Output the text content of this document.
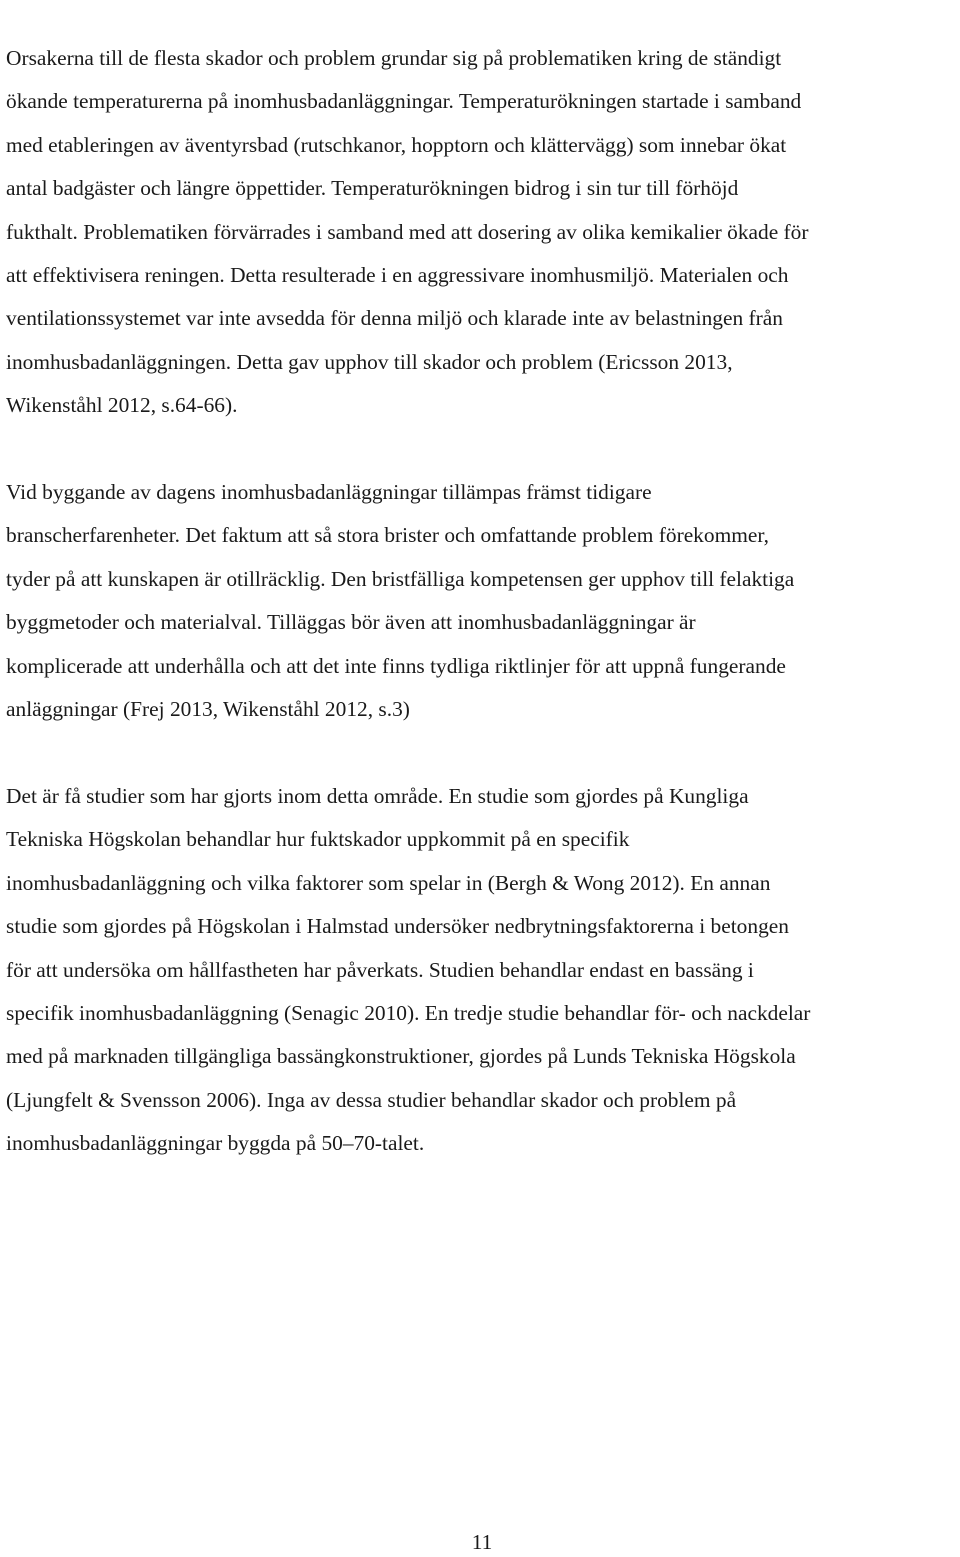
Orsakerna till de flesta skador och problem grundar sig på problematiken kring de ständigt
ökande temperaturerna på inomhusbadanläggningar. Temperaturökningen startade i samband
med etableringen av äventyrsbad (rutschkanor, hopptorn och klättervägg) som innebar ökat
antal badgäster och längre öppettider. Temperaturökningen bidrog i sin tur till förhöjd
fukthalt. Problematiken förvärrades i samband med att dosering av olika kemikalier ökade för
att effektivisera reningen. Detta resulterade i en aggressivare inomhusmiljö. Materialen och
ventilationssystemet var inte avsedda för denna miljö och klarade inte av belastningen från
inomhusbadanläggningen. Detta gav upphov till skador och problem (Ericsson 2013,
Wikenståhl 2012, s.64-66).

Vid byggande av dagens inomhusbadanläggningar tillämpas främst tidigare
branscherfarenheter. Det faktum att så stora brister och omfattande problem förekommer,
tyder på att kunskapen är otillräcklig. Den bristfälliga kompetensen ger upphov till felaktiga
byggmetoder och materialval. Tilläggas bör även att inomhusbadanläggningar är
komplicerade att underhålla och att det inte finns tydliga riktlinjer för att uppnå fungerande
anläggningar (Frej 2013, Wikenståhl 2012, s.3)

Det är få studier som har gjorts inom detta område. En studie som gjordes på Kungliga
Tekniska Högskolan behandlar hur fuktskador uppkommit på en specifik
inomhusbadanläggning och vilka faktorer som spelar in (Bergh & Wong 2012). En annan
studie som gjordes på Högskolan i Halmstad undersöker nedbrytningsfaktorerna i betongen
för att undersöka om hållfastheten har påverkats. Studien behandlar endast en bassäng i
specifik inomhusbadanläggning (Senagic 2010). En tredje studie behandlar för- och nackdelar
med på marknaden tillgängliga bassängkonstruktioner, gjordes på Lunds Tekniska Högskola
(Ljungfelt & Svensson 2006). Inga av dessa studier behandlar skador och problem på
inomhusbadanläggningar byggda på 50–70-talet.

11
